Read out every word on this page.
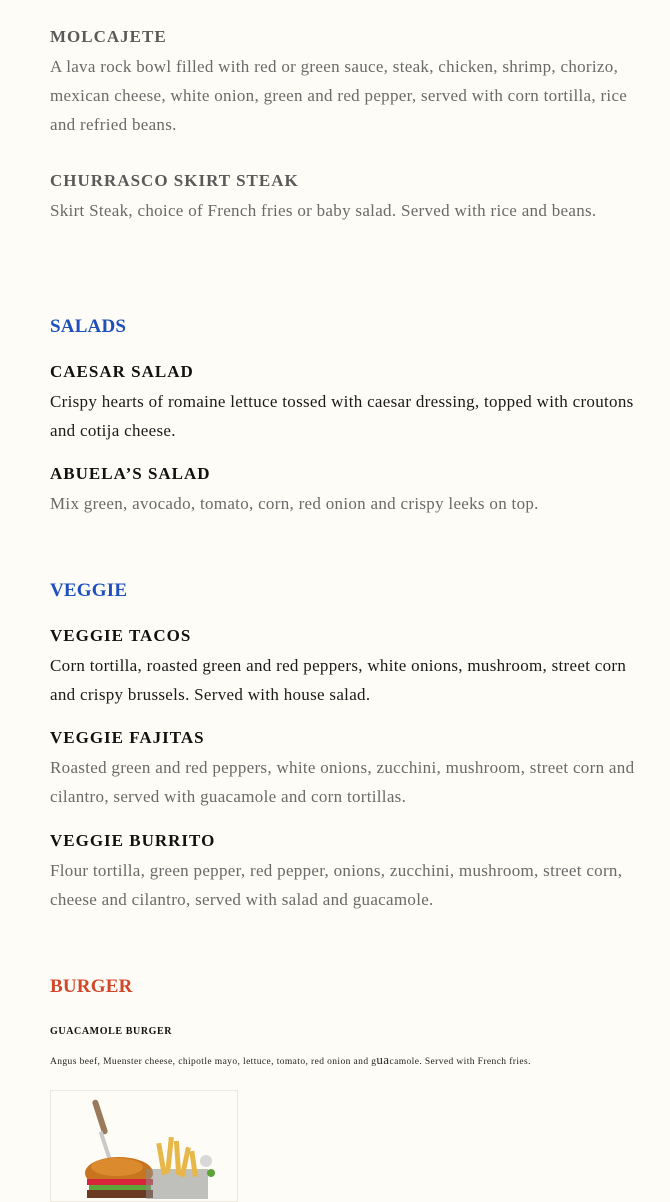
MOLCAJETE

A lava rock bowl filled with red or green sauce, steak, chicken, shrimp, chorizo, mexican cheese, white onion, green and red pepper, served with corn tortilla, rice and refried beans.

CHURRASCO SKIRT STEAK

Skirt Steak, choice of French fries or baby salad. Served with rice and beans.

SALADS
CAESAR SALAD

Crispy hearts of romaine lettuce tossed with caesar dressing, topped with croutons and cotija cheese.

ABUELA’S SALAD

Mix green, avocado, tomato, corn, red onion and crispy leeks on top.

VEGGIE
VEGGIE TACOS

Corn tortilla, roasted green and red peppers, white onions, mushroom, street corn and crispy brussels. Served with house salad.

VEGGIE FAJITAS

Roasted green and red peppers, white onions, zucchini, mushroom, street corn and cilantro, served with guacamole and corn tortillas.

VEGGIE BURRITO

Flour tortilla, green pepper, red pepper, onions, zucchini, mushroom, street corn, cheese and cilantro, served with salad and guacamole.

BURGER

GUACAMOLE BURGER

Angus beef, Muenster cheese, chipotle mayo, lettuce, tomato, red onion and guacamole. Served with French fries.
